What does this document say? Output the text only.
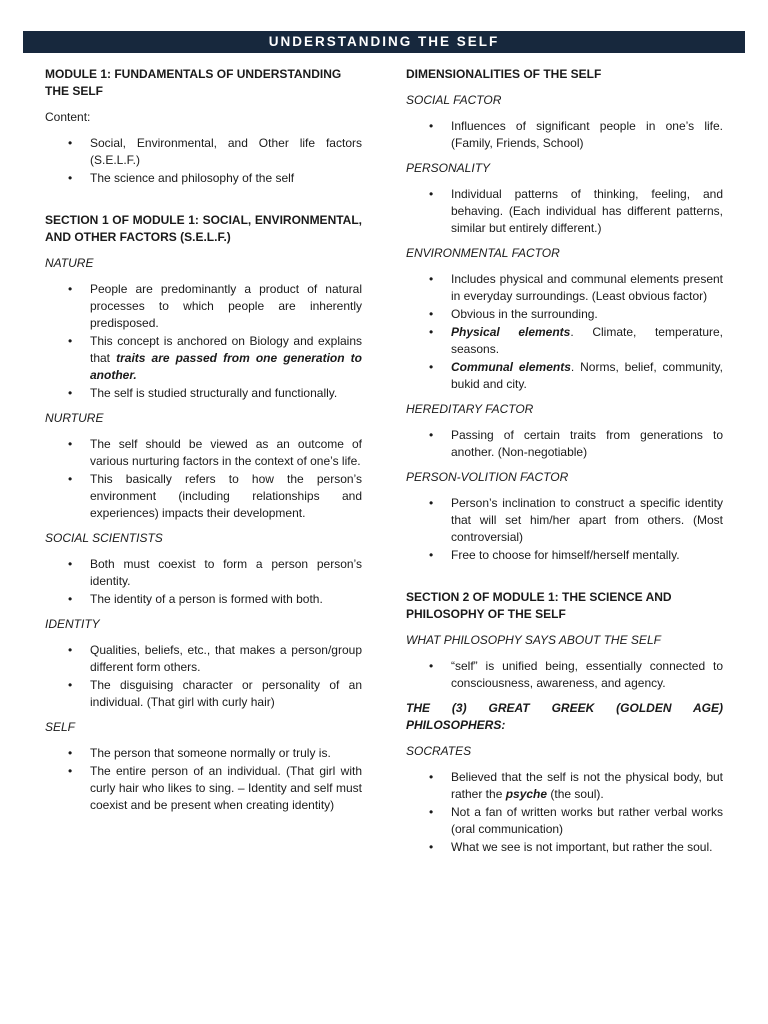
UNDERSTANDING THE SELF
MODULE 1: FUNDAMENTALS OF UNDERSTANDING THE SELF
Content:
•	Social, Environmental, and Other life factors (S.E.L.F.)
•	The science and philosophy of the self
SECTION 1 OF MODULE 1: SOCIAL, ENVIRONMENTAL, AND OTHER FACTORS (S.E.L.F.)
NATURE
•	People are predominantly a product of natural processes to which people are inherently predisposed.
•	This concept is anchored on Biology and explains that traits are passed from one generation to another.
•	The self is studied structurally and functionally.
NURTURE
•	The self should be viewed as an outcome of various nurturing factors in the context of one’s life.
•	This basically refers to how the person’s environment (including relationships and experiences) impacts their development.
SOCIAL SCIENTISTS
•	Both must coexist to form a person person’s identity.
•	The identity of a person is formed with both.
IDENTITY
•	Qualities, beliefs, etc., that makes a person/group different form others.
•	The disguising character or personality of an individual. (That girl with curly hair)
SELF
•	The person that someone normally or truly is.
•	The entire person of an individual. (That girl with curly hair who likes to sing. – Identity and self must coexist and be present when creating identity)
DIMENSIONALITIES OF THE SELF
SOCIAL FACTOR
•	Influences of significant people in one’s life. (Family, Friends, School)
PERSONALITY
•	Individual patterns of thinking, feeling, and behaving. (Each individual has different patterns, similar but entirely different.)
ENVIRONMENTAL FACTOR
•	Includes physical and communal elements present in everyday surroundings. (Least obvious factor)
•	Obvious in the surrounding.
•	Physical elements. Climate, temperature, seasons.
•	Communal elements. Norms, belief, community, bukid and city.
HEREDITARY FACTOR
•	Passing of certain traits from generations to another. (Non-negotiable)
PERSON-VOLITION FACTOR
•	Person’s inclination to construct a specific identity that will set him/her apart from others. (Most controversial)
•	Free to choose for himself/herself mentally.
SECTION 2 OF MODULE 1: THE SCIENCE AND PHILOSOPHY OF THE SELF
WHAT PHILOSOPHY SAYS ABOUT THE SELF
•	“self” is unified being, essentially connected to consciousness, awareness, and agency.
THE (3) GREAT GREEK (GOLDEN AGE) PHILOSOPHERS:
SOCRATES
•	Believed that the self is not the physical body, but rather the psyche (the soul).
•	Not a fan of written works but rather verbal works (oral communication)
•	What we see is not important, but rather the soul.
